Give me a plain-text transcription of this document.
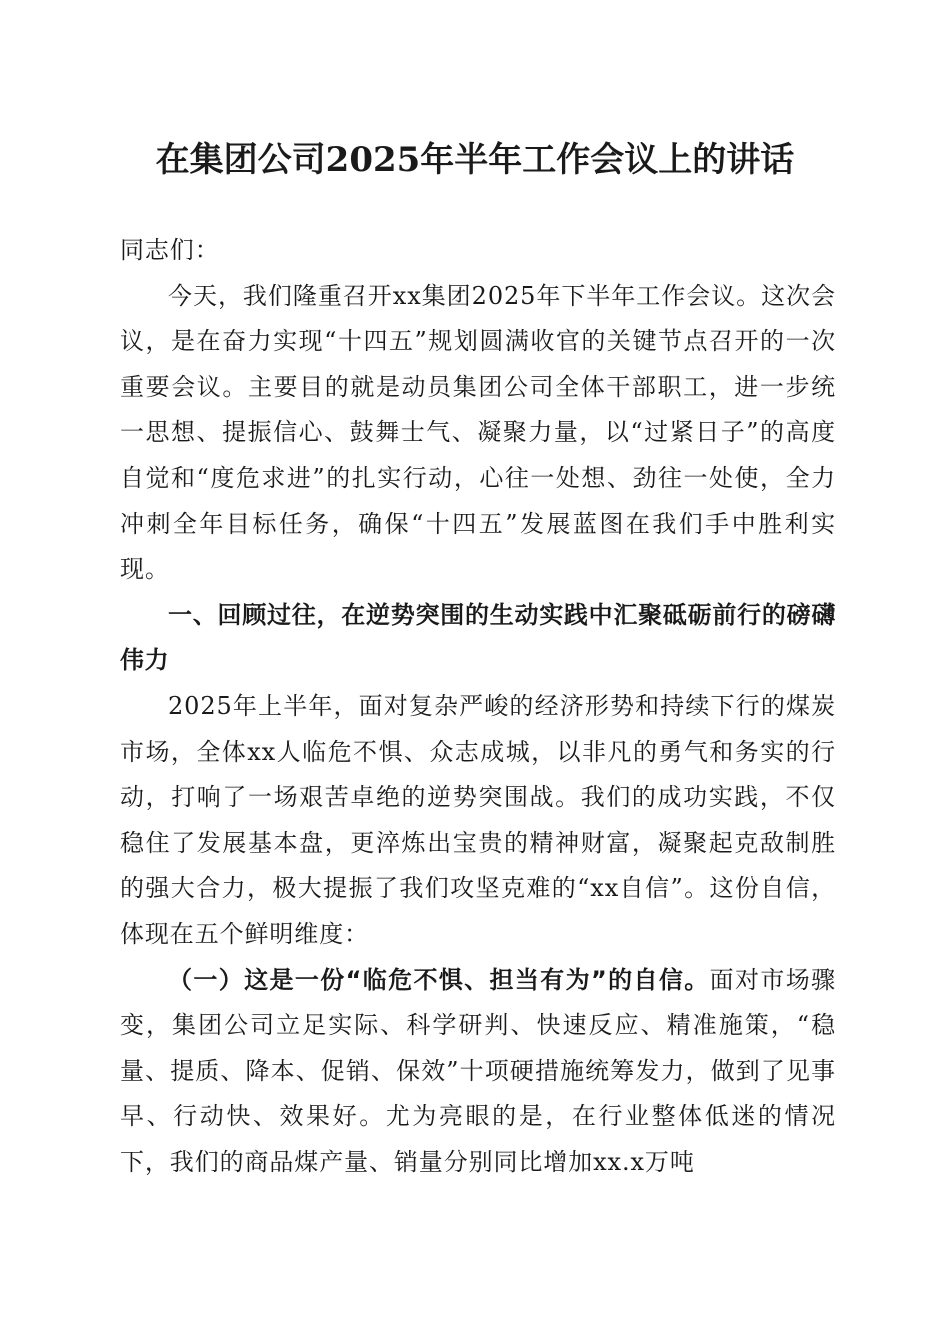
在集团公司2025年半年工作会议上的讲话

同志们：

今天，我们隆重召开xx集团2025年下半年工作会议。这次会议，是在奋力实现“十四五”规划圆满收官的关键节点召开的一次重要会议。主要目的就是动员集团公司全体干部职工，进一步统一思想、提振信心、鼓舞士气、凝聚力量，以“过紧日子”的高度自觉和“度危求进”的扎实行动，心往一处想、劲往一处使，全力冲刺全年目标任务，确保“十四五”发展蓝图在我们手中胜利实现。

一、回顾过往，在逆势突围的生动实践中汇聚砥砺前行的磅礴伟力

2025年上半年，面对复杂严峻的经济形势和持续下行的煤炭市场，全体xx人临危不惧、众志成城，以非凡的勇气和务实的行动，打响了一场艰苦卓绝的逆势突围战。我们的成功实践，不仅稳住了发展基本盘，更淬炼出宝贵的精神财富，凝聚起克敌制胜的强大合力，极大提振了我们攻坚克难的“xx自信”。这份自信，体现在五个鲜明维度：

（一）这是一份“临危不惧、担当有为”的自信。面对市场骤变，集团公司立足实际、科学研判、快速反应、精准施策，“稳量、提质、降本、促销、保效”十项硬措施统筹发力，做到了见事早、行动快、效果好。尤为亮眼的是，在行业整体低迷的情况下，我们的商品煤产量、销量分别同比增加xx.x万吨
